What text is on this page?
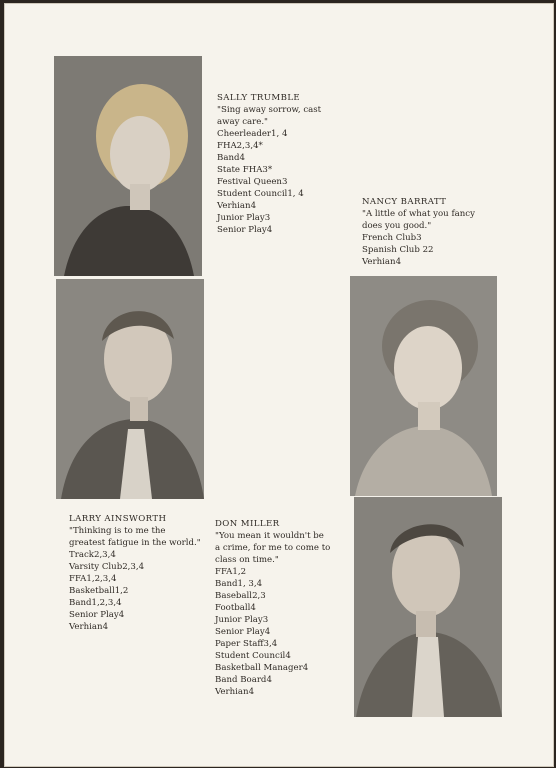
SALLY TRUMBLE
"Sing away sorrow, cast
away care."
Cheerleader1, 4
FHA2,3,4*
Band4
State FHA3*
Festival Queen3
Student Council1, 4
Verhian4
Junior Play3
Senior Play4
NANCY BARRATT
"A little of what you fancy
does you good."
French Club3
Spanish Club 22
Verhian4
LARRY AINSWORTH
"Thinking is to me the
greatest fatigue in the world."
Track2,3,4
Varsity Club2,3,4
FFA1,2,3,4
Basketball1,2
Band1,2,3,4
Senior Play4
Verhian4
DON MILLER
"You mean it wouldn't be
a crime, for me to come to
class on time."
FFA1,2
Band1, 3,4
Baseball2,3
Football4
Junior Play3
Senior Play4
Paper Staff3,4
Student Council4
Basketball Manager4
Band Board4
Verhian4
